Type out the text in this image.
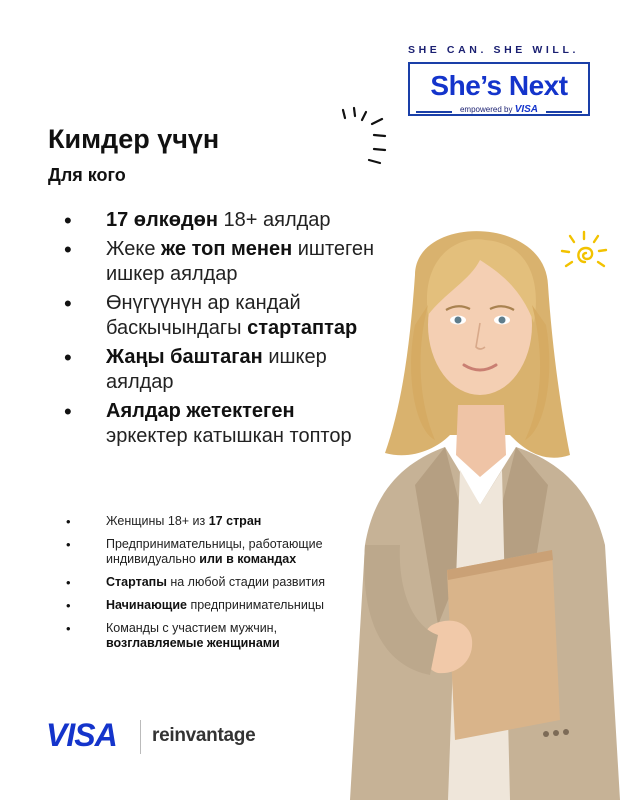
SHE CAN. SHE WILL.
She’s Next
empowered by VISA
Кимдер үчүн
Для кого
• 17 өлкөдөн 18+ аялдар
• Жеке же топ менен иштеген ишкер аялдар
• Өнүгүүнүн ар кандай баскычындагы стартаптар
• Жаңы баштаган ишкер аялдар
• Аялдар жетектеген эркектер катышкан топтор
• Женщины 18+ из 17 стран
• Предпринимательницы, работающие индивидуально или в командах
• Стартапы на любой стадии развития
• Начинающие предпринимательницы
• Команды с участием мужчин, возглавляемые женщинами
VISA reinvantage
